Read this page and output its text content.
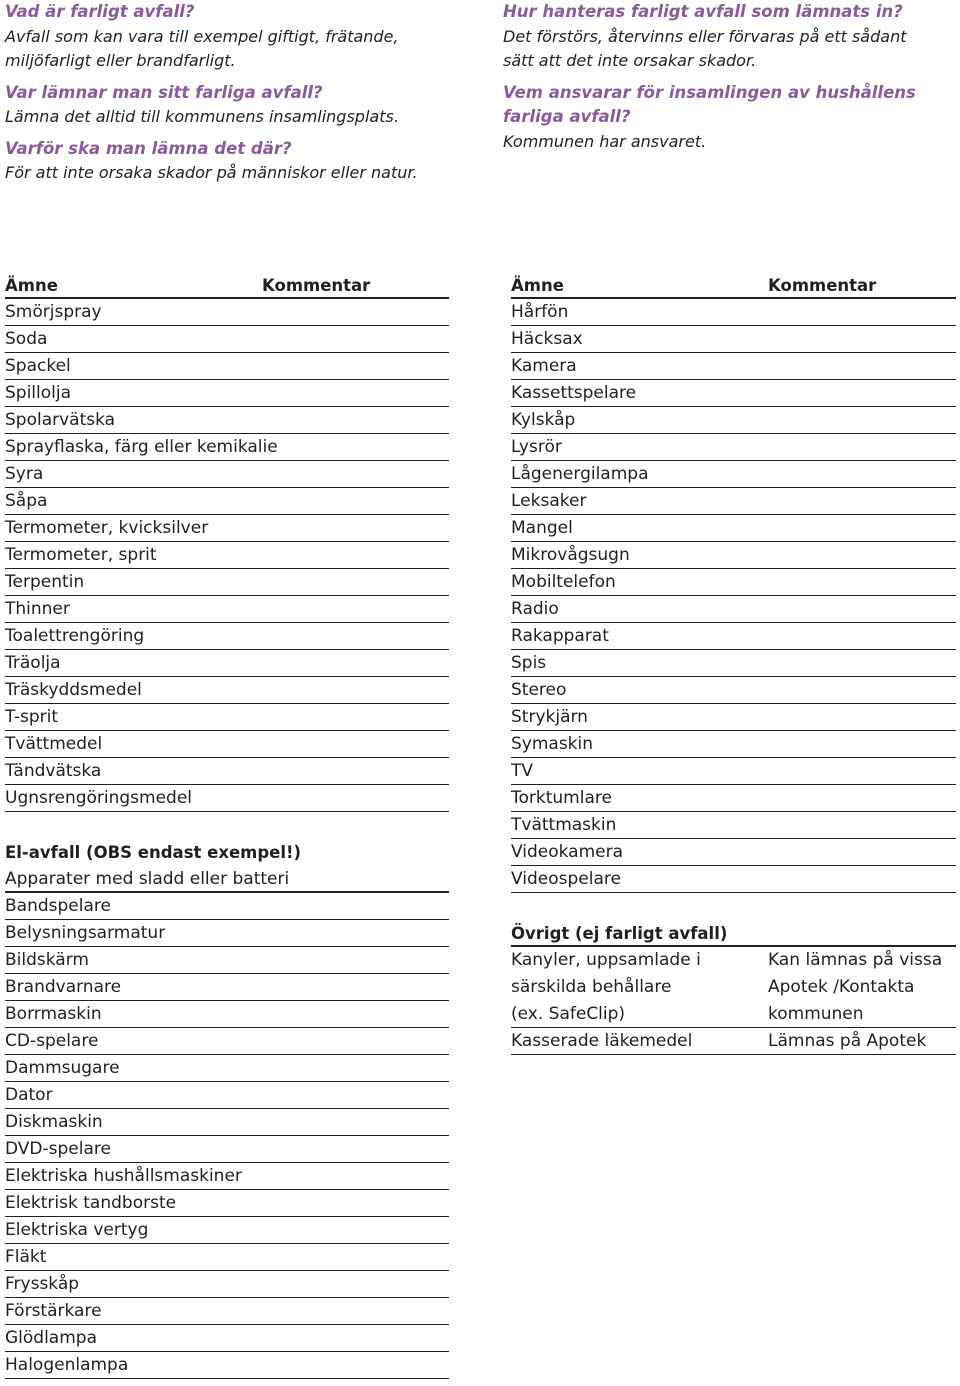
Vad är farligt avfall?

Avfall som kan vara till exempel giftigt, frätande,

miljöfarligt eller brandfarligt.

Var lämnar man sitt farliga avfall?

Lämna det alltid till kommunens insamlingsplats.

Varför ska man lämna det där?

För att inte orsaka skador på människor eller natur.

Hur hanteras farligt avfall som lämnats in?

Det förstörs, återvinns eller förvaras på ett sådant

sätt att det inte orsakar skador.

Vem ansvarar för insamlingen av hushållens

farliga avfall?

Kommunen har ansvaret.

Ämne	Kommentar
Smörjspray
Soda
Spackel
Spillolja
Spolarvätska
Sprayflaska, färg eller kemikalie
Syra
Såpa
Termometer, kvicksilver
Termometer, sprit
Terpentin
Thinner
Toalettrengöring
Träolja
Träskyddsmedel
T-sprit
Tvättmedel
Tändvätska
Ugnsrengöringsmedel
El-avfall (OBS endast exempel!)
Apparater med sladd eller batteri
Bandspelare
Belysningsarmatur
Bildskärm
Brandvarnare
Borrmaskin
CD-spelare
Dammsugare
Dator
Diskmaskin
DVD-spelare
Elektriska hushållsmaskiner
Elektrisk tandborste
Elektriska vertyg
Fläkt
Frysskåp
Förstärkare
Glödlampa
Halogenlampa
Ämne	Kommentar
Hårfön
Häcksax
Kamera
Kassettspelare
Kylskåp
Lysrör
Lågenergilampa
Leksaker
Mangel
Mikrovågsugn
Mobiltelefon
Radio
Rakapparat
Spis
Stereo
Strykjärn
Symaskin
TV
Torktumlare
Tvättmaskin
Videokamera
Videospelare
Övrigt (ej farligt avfall)
Kanyler, uppsamlade i	Kan lämnas på vissa
särskilda behållare	Apotek /Kontakta
(ex. SafeClip)	kommunen
Kasserade läkemedel	Lämnas på Apotek
